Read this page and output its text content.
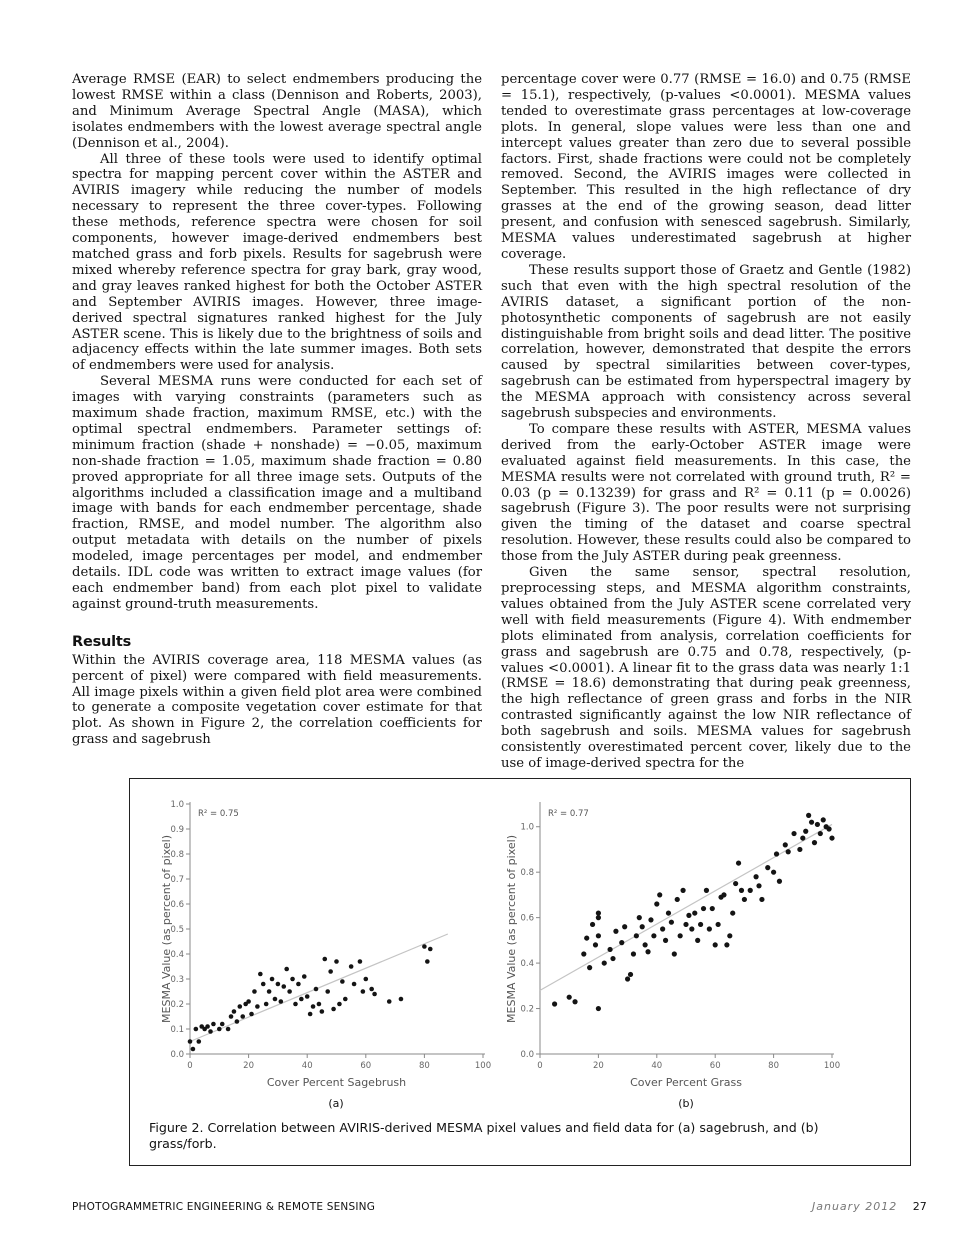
Average RMSE (EAR) to select endmembers producing the lowest RMSE within a class (Dennison and Roberts, 2003), and Minimum Average Spectral Angle (MASA), which isolates endmembers with the lowest average spectral angle (Dennison et al., 2004).

All three of these tools were used to identify optimal spectra for mapping percent cover within the ASTER and AVIRIS imagery while reducing the number of models necessary to represent the three cover-types. Following these methods, reference spectra were chosen for soil components, however image-derived endmembers best matched grass and forb pixels. Results for sagebrush were mixed whereby reference spectra for gray bark, gray wood, and gray leaves ranked highest for both the October ASTER and September AVIRIS images. However, three image-derived spectral signatures ranked highest for the July ASTER scene. This is likely due to the brightness of soils and adjacency effects within the late summer images. Both sets of endmembers were used for analysis.

Several MESMA runs were conducted for each set of images with varying constraints (parameters such as maximum shade fraction, maximum RMSE, etc.) with the optimal spectral endmembers. Parameter settings of: minimum fraction (shade + nonshade) = −0.05, maximum non-shade fraction = 1.05, maximum shade fraction = 0.80 proved appropriate for all three image sets. Outputs of the algorithms included a classification image and a multiband image with bands for each endmember percentage, shade fraction, RMSE, and model number. The algorithm also output metadata with details on the number of pixels modeled, image percentages per model, and endmember details. IDL code was written to extract image values (for each endmember band) from each plot pixel to validate against ground-truth measurements.

Results

Within the AVIRIS coverage area, 118 MESMA values (as percent of pixel) were compared with field measurements. All image pixels within a given field plot area were combined to generate a composite vegetation cover estimate for that plot. As shown in Figure 2, the correlation coefficients for grass and sagebrush

percentage cover were 0.77 (RMSE = 16.0) and 0.75 (RMSE = 15.1), respectively, (p-values <0.0001). MESMA values tended to overestimate grass percentages at low-coverage plots. In general, slope values were less than one and intercept values greater than zero due to several possible factors. First, shade fractions were could not be completely removed. Second, the AVIRIS images were collected in September. This resulted in the high reflectance of dry grasses at the end of the growing season, dead litter present, and confusion with senesced sagebrush. Similarly, MESMA values underestimated sagebrush at higher coverage.

These results support those of Graetz and Gentle (1982) such that even with the high spectral resolution of the AVIRIS dataset, a significant portion of the non-photosynthetic components of sagebrush are not easily distinguishable from bright soils and dead litter. The positive correlation, however, demonstrated that despite the errors caused by spectral similarities between cover-types, sagebrush can be estimated from hyperspectral imagery by the MESMA approach with consistency across several sagebrush subspecies and environments.

To compare these results with ASTER, MESMA values derived from the early-October ASTER image were evaluated against field measurements. In this case, the MESMA results were not correlated with ground truth, R² = 0.03 (p = 0.13239) for grass and R² = 0.11 (p = 0.0026) sagebrush (Figure 3). The poor results were not surprising given the timing of the dataset and coarse spectral resolution. However, these results could also be compared to those from the July ASTER during peak greenness.

Given the same sensor, spectral resolution, preprocessing steps, and MESMA algorithm constraints, values obtained from the July ASTER scene correlated very well with field measurements (Figure 4). With endmember plots eliminated from analysis, correlation coefficients for grass and sagebrush are 0.75 and 0.78, respectively, (p-values <0.0001). A linear fit to the grass data was nearly 1:1 (RMSE = 18.6) demonstrating that during peak greenness, the high reflectance of green grass and forbs in the NIR contrasted significantly against the low NIR reflectance of both sagebrush and soils. MESMA values for sagebrush consistently overestimated percent cover, likely due to the use of image-derived spectra for the

0.0
0.1
0.2
0.3
0.4
0.5
0.6
0.7
0.8
0.9
1.0
0	20	40	60	80	100
R² = 0.75
Cover Percent Sagebrush
MESMA Value (as percent of pixel)
(a)
0.0
0.2
0.4
0.6
0.8
1.0
0	20	40	60	80	100
R² = 0.77
Cover Percent Grass
MESMA Value (as percent of pixel)
(b)
Figure 2. Correlation between AVIRIS-derived MESMA pixel values and field data for (a) sagebrush, and (b) grass/forb.
PHOTOGRAMMETRIC ENGINEERING & REMOTE SENSING	January 2012 27
